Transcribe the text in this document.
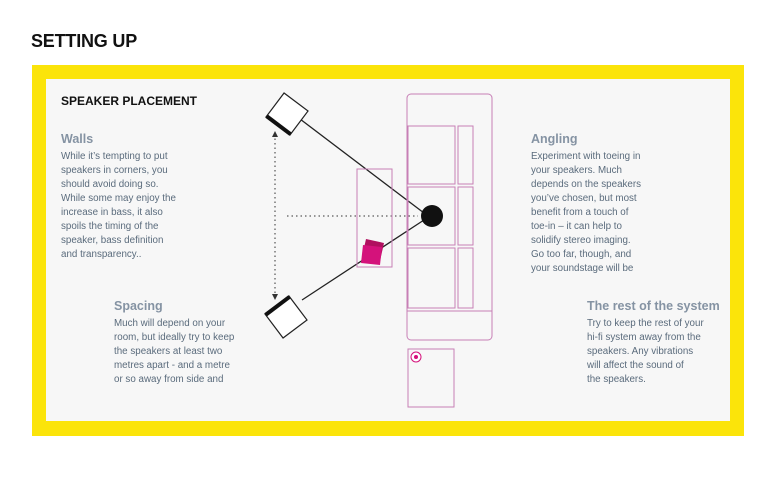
SETTING UP
SPEAKER PLACEMENT
Walls
While it’s tempting to put
speakers in corners, you
should avoid doing so.
While some may enjoy the
increase in bass, it also
spoils the timing of the
speaker, bass definition
and transparency..
Spacing
Much will depend on your
room, but ideally try to keep
the speakers at least two
metres apart - and a metre
or so away from side and
Angling
Experiment with toeing in
your speakers. Much
depends on the speakers
you’ve chosen, but most
benefit from a touch of
toe-in – it can help to
solidify stereo imaging.
Go too far, though, and
your soundstage will be
The rest of the system
Try to keep the rest of your
hi-fi system away from the
speakers. Any vibrations
will affect the sound of
the speakers.
